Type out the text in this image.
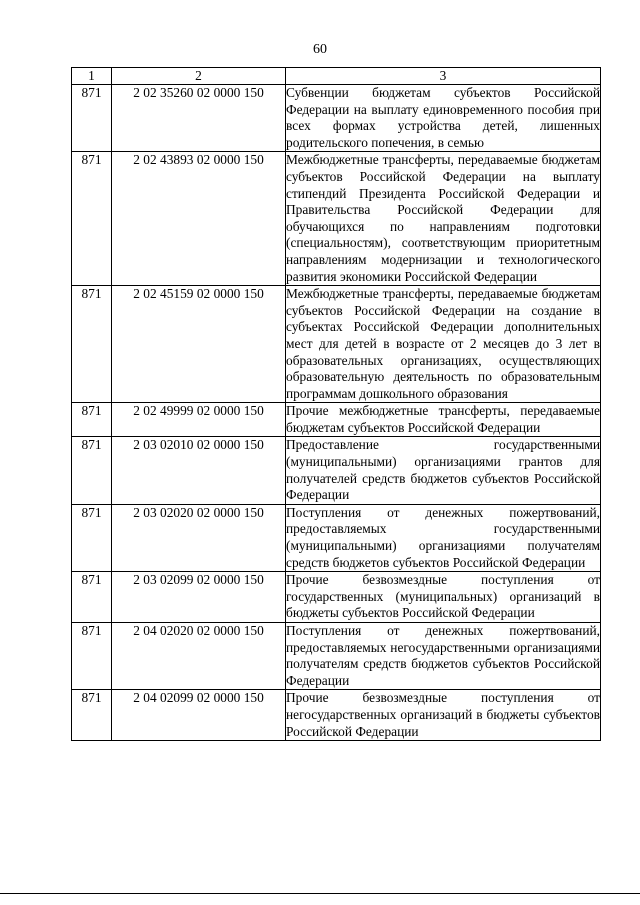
60
1	2	3
871	2 02 35260 02 0000 150	Субвенции бюджетам субъектов Российской Федерации на выплату единовременного пособия при всех формах устройства детей, лишенных родительского попечения, в семью
871	2 02 43893 02 0000 150	Межбюджетные трансферты, передаваемые бюджетам субъектов Российской Федерации на выплату стипендий Президента Российской Федерации и Правительства Российской Федерации для обучающихся по направлениям подготовки (специальностям), соответствующим приоритетным направлениям модернизации и технологического развития экономики Российской Федерации
871	2 02 45159 02 0000 150	Межбюджетные трансферты, передаваемые бюджетам субъектов Российской Федерации на создание в субъектах Российской Федерации дополнительных мест для детей в возрасте от 2 месяцев до 3 лет в образовательных организациях, осуществляющих образовательную деятельность по образовательным программам дошкольного образования
871	2 02 49999 02 0000 150	Прочие межбюджетные трансферты, передаваемые бюджетам субъектов Российской Федерации
871	2 03 02010 02 0000 150	Предоставление государственными (муниципальными) организациями грантов для получателей средств бюджетов субъектов Российской Федерации
871	2 03 02020 02 0000 150	Поступления от денежных пожертвований, предоставляемых государственными (муниципальными) организациями получателям средств бюджетов субъектов Российской Федерации
871	2 03 02099 02 0000 150	Прочие безвозмездные поступления от государственных (муниципальных) организаций в бюджеты субъектов Российской Федерации
871	2 04 02020 02 0000 150	Поступления от денежных пожертвований, предоставляемых негосударственными организациями получателям средств бюджетов субъектов Российской Федерации
871	2 04 02099 02 0000 150	Прочие безвозмездные поступления от негосударственных организаций в бюджеты субъектов Российской Федерации
